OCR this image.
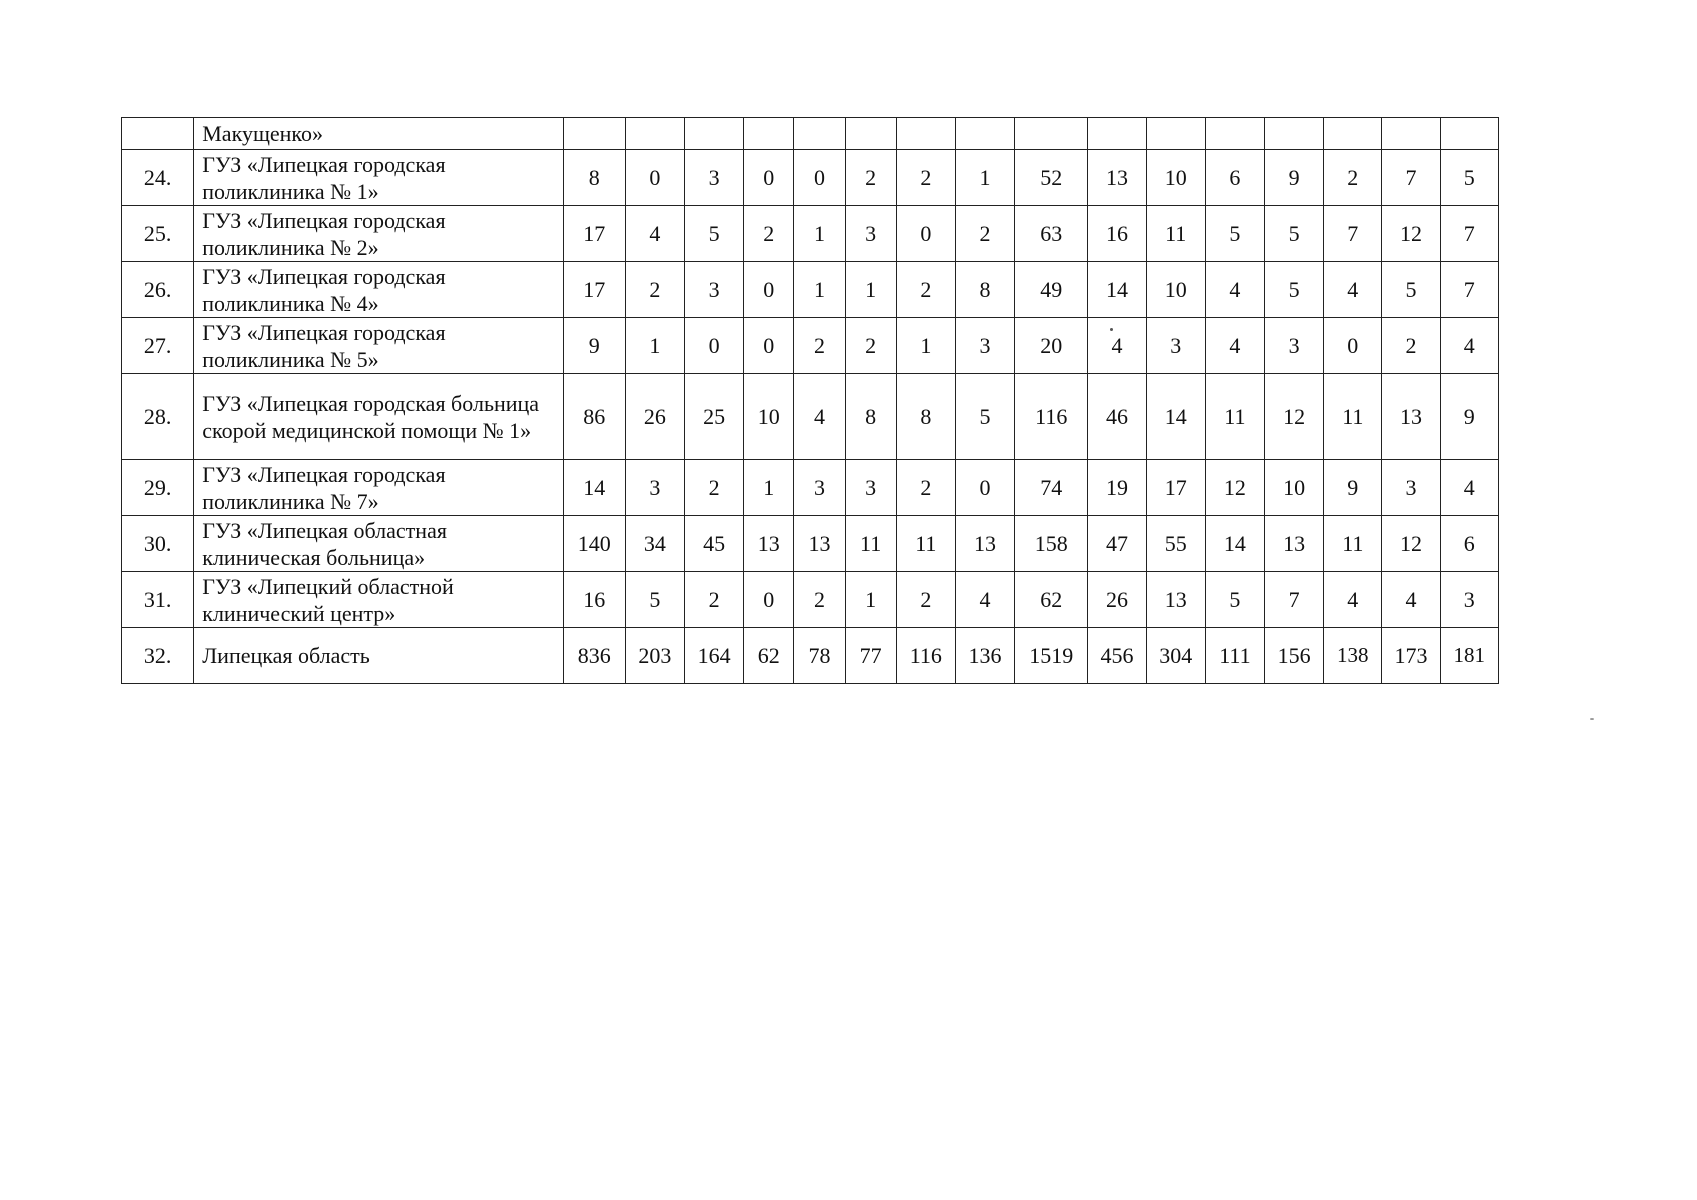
	Макущенко»																
24.	ГУЗ «Липецкая городская поликлиника № 1»	8	0	3	0	0	2	2	1	52	13	10	6	9	2	7	5
25.	ГУЗ «Липецкая городская поликлиника № 2»	17	4	5	2	1	3	0	2	63	16	11	5	5	7	12	7
26.	ГУЗ «Липецкая городская поликлиника № 4»	17	2	3	0	1	1	2	8	49	14	10	4	5	4	5	7
27.	ГУЗ «Липецкая городская поликлиника № 5»	9	1	0	0	2	2	1	3	20	4	3	4	3	0	2	4
28.	ГУЗ «Липецкая городская больница скорой медицинской помощи № 1»	86	26	25	10	4	8	8	5	116	46	14	11	12	11	13	9
29.	ГУЗ «Липецкая городская поликлиника № 7»	14	3	2	1	3	3	2	0	74	19	17	12	10	9	3	4
30.	ГУЗ «Липецкая областная клиническая больница»	140	34	45	13	13	11	11	13	158	47	55	14	13	11	12	6
31.	ГУЗ «Липецкий областной клинический центр»	16	5	2	0	2	1	2	4	62	26	13	5	7	4	4	3
32.	Липецкая область	836	203	164	62	78	77	116	136	1519	456	304	111	156	138	173	181
